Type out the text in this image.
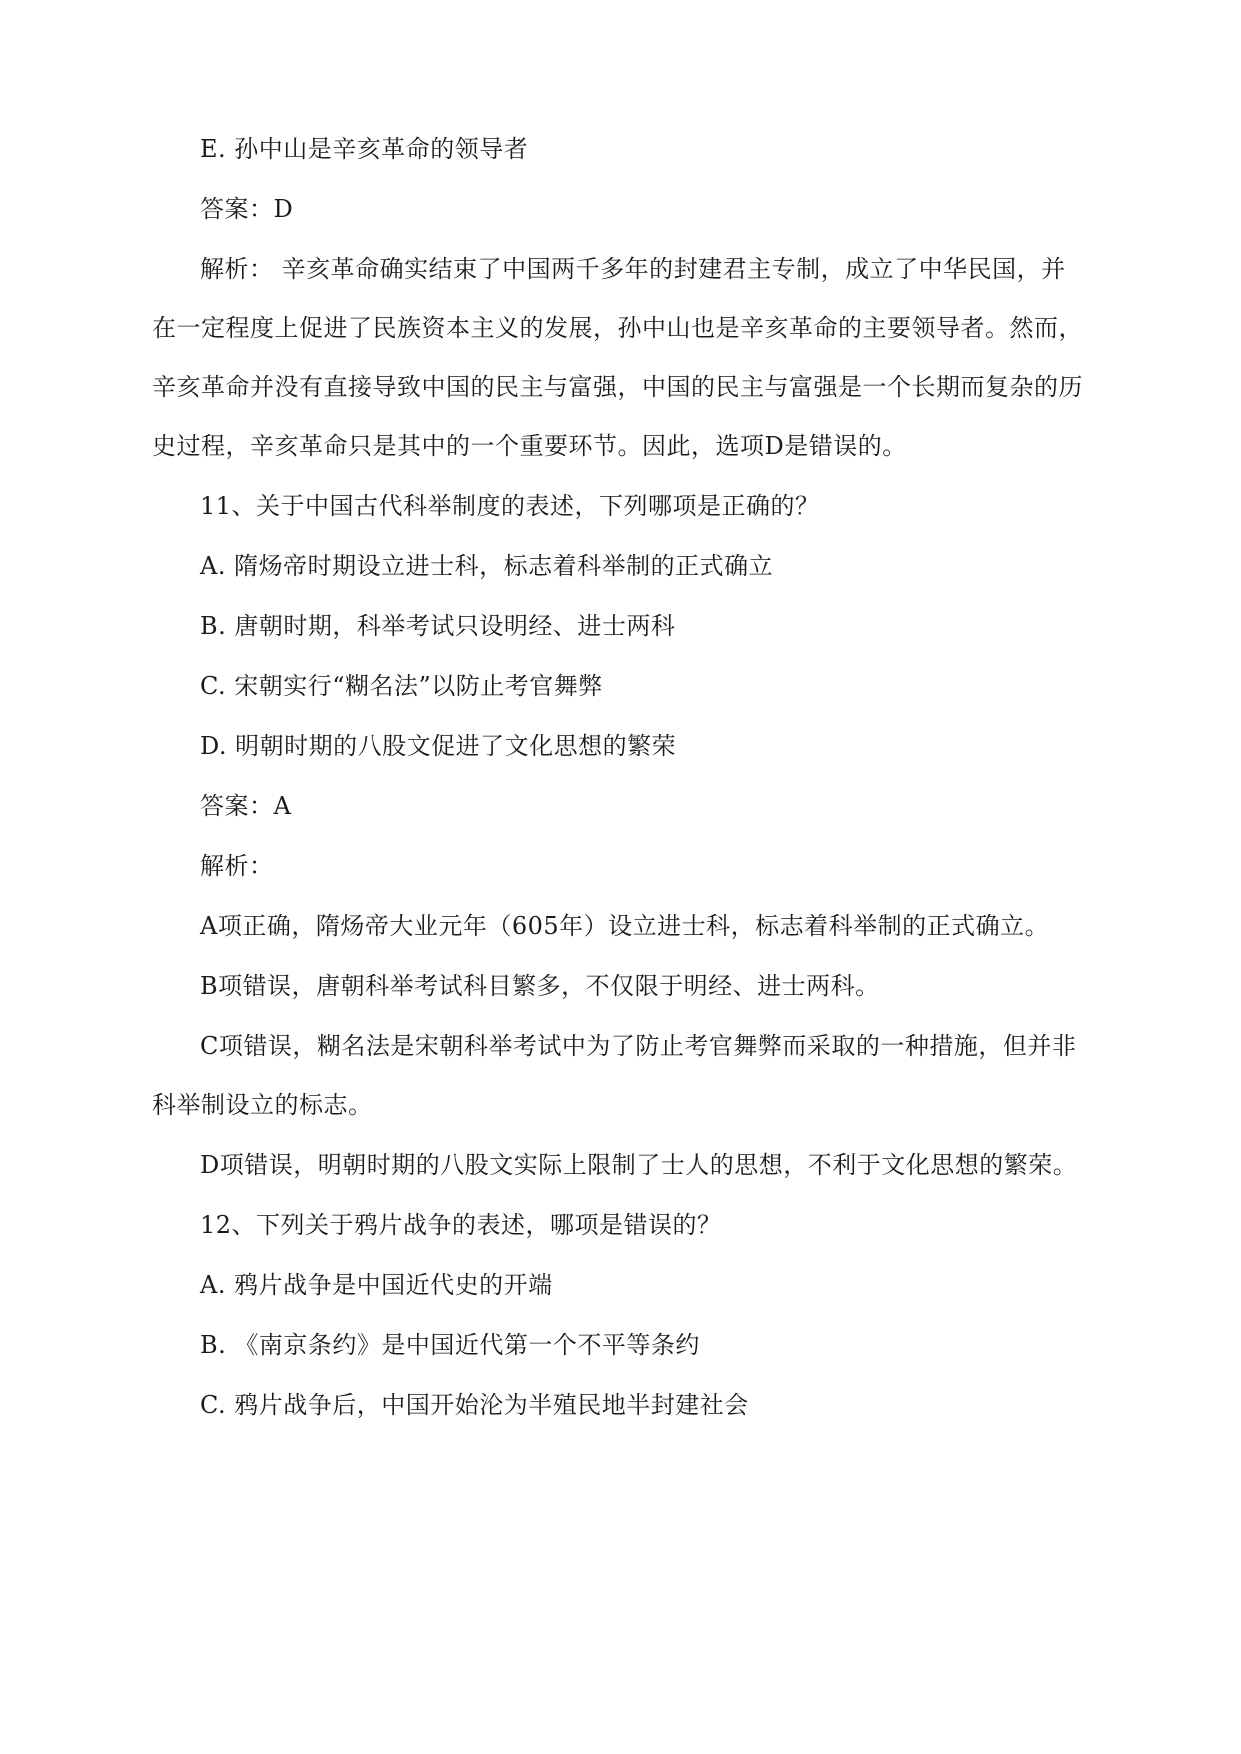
E. 孙中山是辛亥革命的领导者
答案：D
解析： 辛亥革命确实结束了中国两千多年的封建君主专制，成立了中华民国，并
在一定程度上促进了民族资本主义的发展，孙中山也是辛亥革命的主要领导者。然而，
辛亥革命并没有直接导致中国的民主与富强，中国的民主与富强是一个长期而复杂的历
史过程，辛亥革命只是其中的一个重要环节。因此，选项D是错误的。
11、关于中国古代科举制度的表述，下列哪项是正确的？
A. 隋炀帝时期设立进士科，标志着科举制的正式确立
B. 唐朝时期，科举考试只设明经、进士两科
C. 宋朝实行“糊名法”以防止考官舞弊
D. 明朝时期的八股文促进了文化思想的繁荣
答案：A
解析：
A项正确，隋炀帝大业元年（605年）设立进士科，标志着科举制的正式确立。
B项错误，唐朝科举考试科目繁多，不仅限于明经、进士两科。
C项错误，糊名法是宋朝科举考试中为了防止考官舞弊而采取的一种措施，但并非
科举制设立的标志。
D项错误，明朝时期的八股文实际上限制了士人的思想，不利于文化思想的繁荣。
12、下列关于鸦片战争的表述，哪项是错误的？
A. 鸦片战争是中国近代史的开端
B. 《南京条约》是中国近代第一个不平等条约
C. 鸦片战争后，中国开始沦为半殖民地半封建社会
